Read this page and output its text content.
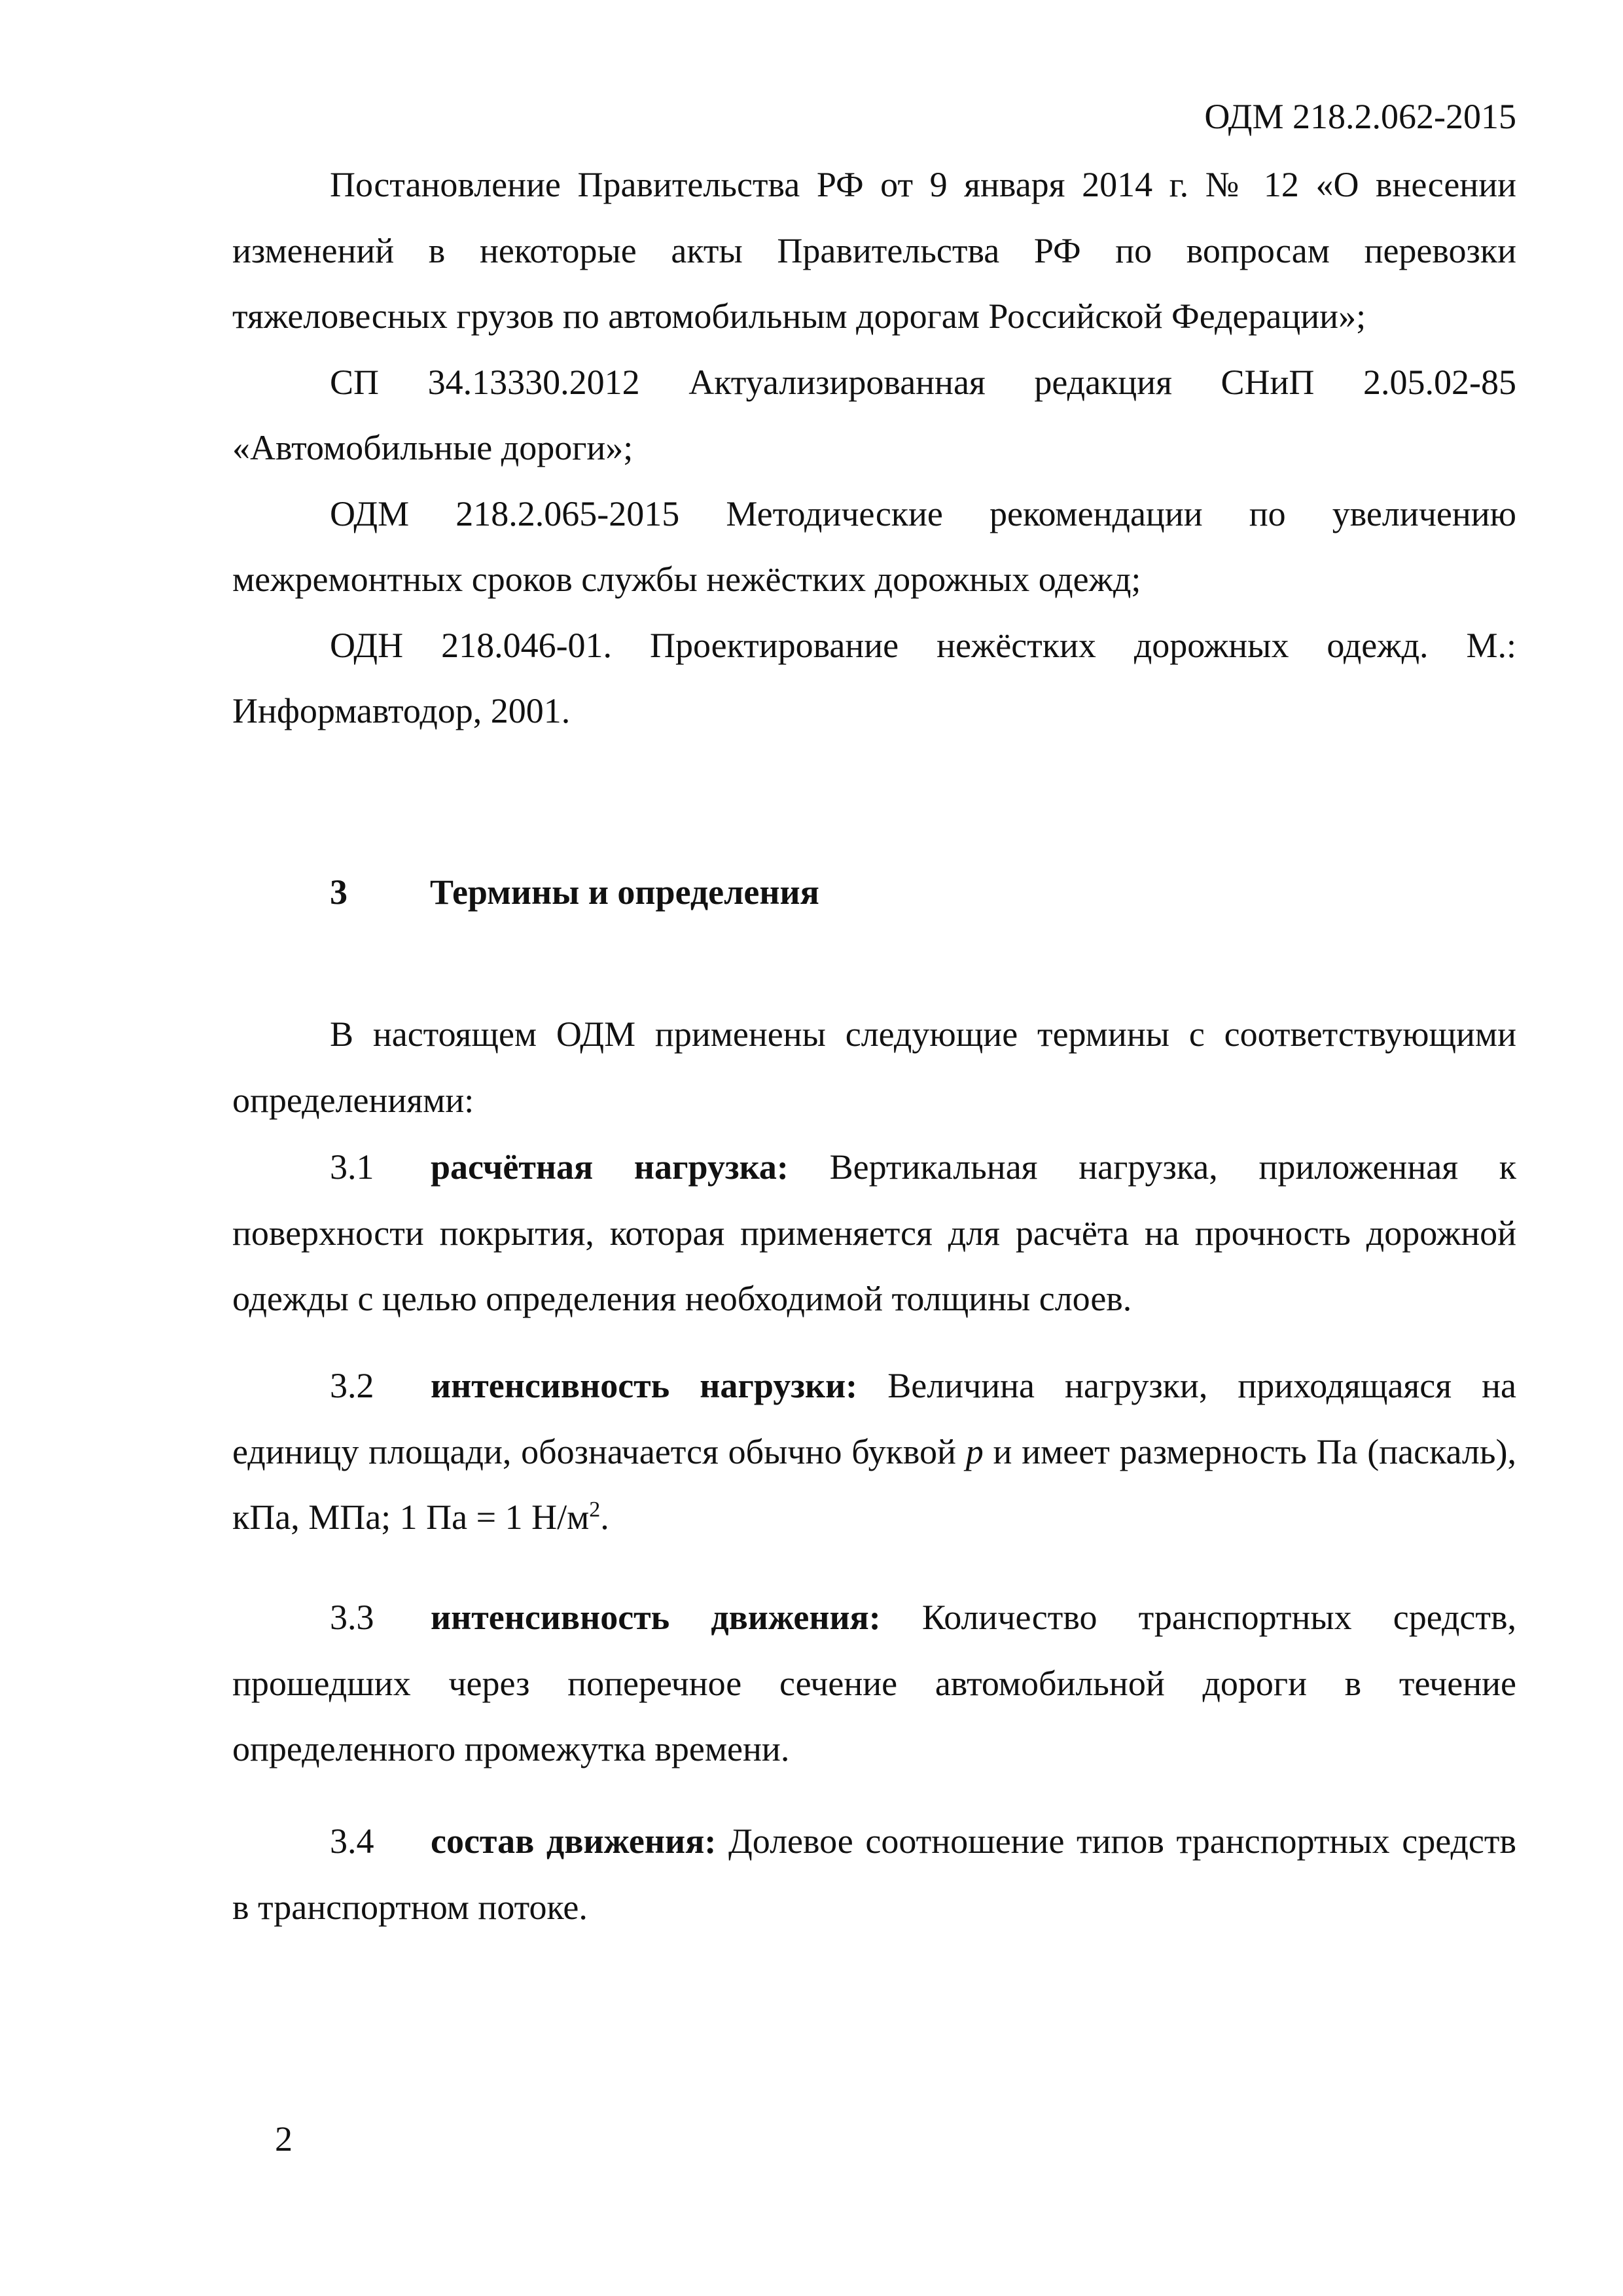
ОДМ 218.2.062-2015

Постановление Правительства РФ от 9 января 2014 г. № 12 «О внесении изменений в некоторые акты Правительства РФ по вопросам перевозки тяжеловесных грузов по автомобильным дорогам Российской Федерации»;

СП 34.13330.2012 Актуализированная редакция СНиП 2.05.02-85 «Автомобильные дороги»;

ОДМ 218.2.065-2015 Методические рекомендации по увеличению межремонтных сроков службы нежёстких дорожных одежд;

ОДН 218.046-01. Проектирование нежёстких дорожных одежд. М.: Информавтодор, 2001.

3 Термины и определения

В настоящем ОДМ применены следующие термины с соответствующими определениями:

3.1 расчётная нагрузка: Вертикальная нагрузка, приложенная к поверхности покрытия, которая применяется для расчёта на прочность дорожной одежды с целью определения необходимой толщины слоев.

3.2 интенсивность нагрузки: Величина нагрузки, приходящаяся на единицу площади, обозначается обычно буквой p и имеет размерность Па (паскаль), кПа, МПа; 1 Па = 1 $Н/м^2$.

3.3 интенсивность движения: Количество транспортных средств, прошедших через поперечное сечение автомобильной дороги в течение определенного промежутка времени.

3.4 состав движения: Долевое соотношение типов транспортных средств в транспортном потоке.

2
